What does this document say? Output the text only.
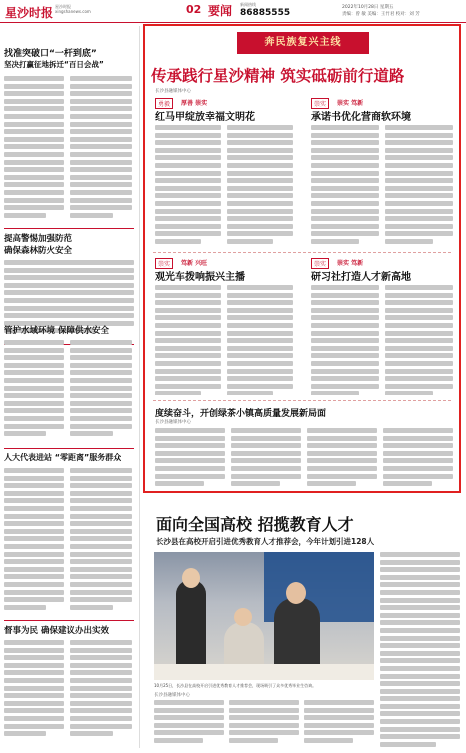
星沙时报 星沙时报
xingshanews.com	02 要闻 新闻热线
86885555
2022年10月28日 星期五
责编：曾 敏 美编：王竹君 校对：刘 芳
找准突破口“一杆到底”
坚决打赢征地拆迁“百日会战”
提高警惕加强防范
确保森林防火安全
管护水域环境 保障供水安全
人大代表进站 “零距离”服务群众
督事为民 确保建议办出实效
奔民族复兴主线
传承践行星沙精神 筑实砥砺前行道路
长沙县融媒体中心
勇毅	厚善 崇实
红马甲绽放幸福文明花
崇实	崇实 笃新
承诺书优化营商软环境
崇实	笃新 兴旺
观光车拨响振兴主播
崇实	崇实 笃新
研习社打造人才新高地
度续奋斗，开创绿茶小镇高质量发展新局面
长沙县融媒体中心
面向全国高校 招揽教育人才
长沙县在高校开启引进优秀教育人才推荐会，今年计划引进128人
10月25日，长沙县在高校开启引进优秀教育人才推荐会，现场吸引了众多优秀毕业生咨询。
长沙县融媒体中心
